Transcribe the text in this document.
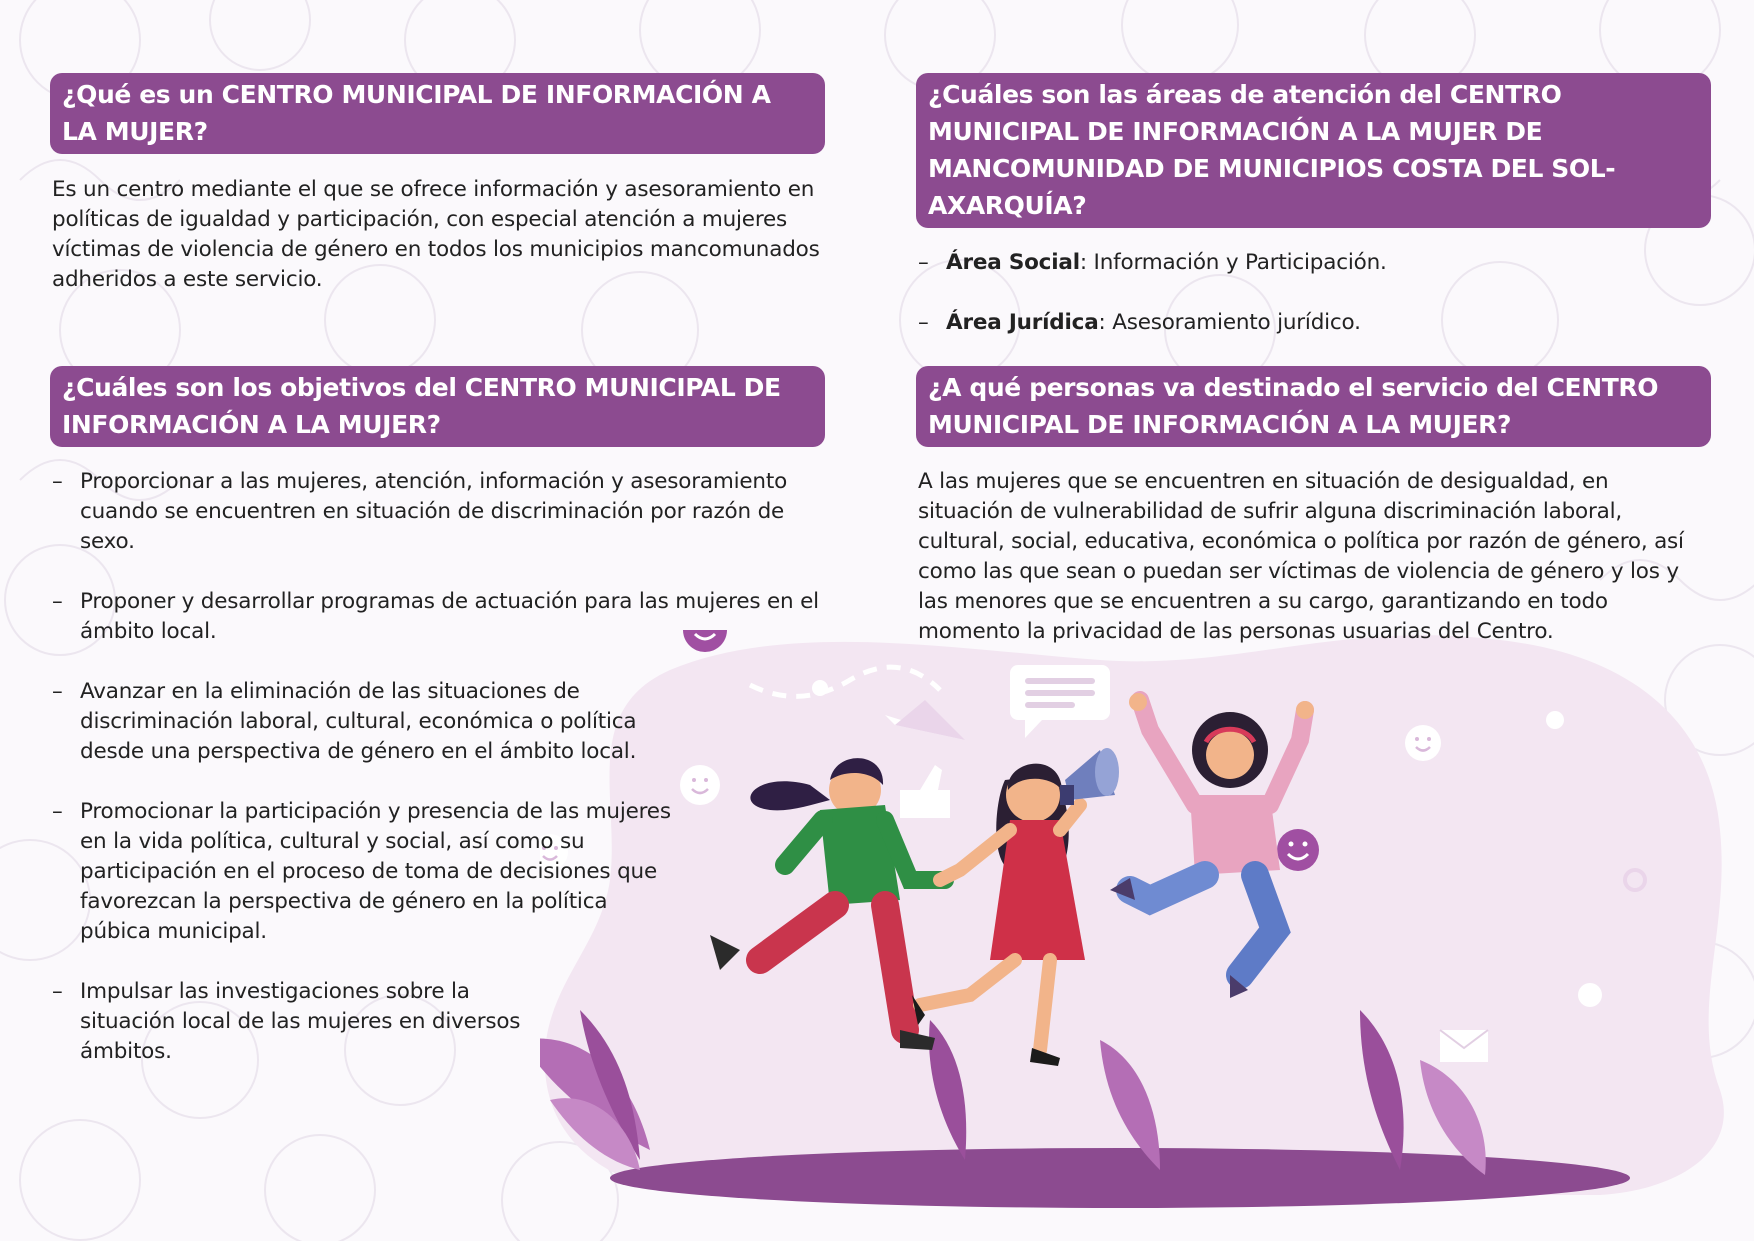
¿Qué es un CENTRO MUNICIPAL DE INFORMACIÓN A LA MUJER?

Es un centro mediante el que se ofrece información y asesoramiento en políticas de igualdad y participación, con especial atención a mujeres víctimas de violencia de género en todos los municipios mancomunados adheridos a este servicio.

¿Cuáles son las áreas de atención del CENTRO MUNICIPAL DE INFORMACIÓN A LA MUJER DE MANCOMUNIDAD DE MUNICIPIOS COSTA DEL SOL-AXARQUÍA?
– Área Social: Información y Participación.
– Área Jurídica: Asesoramiento jurídico.
¿Cuáles son los objetivos del CENTRO MUNICIPAL DE INFORMACIÓN A LA MUJER?
– Proporcionar a las mujeres, atención, información y asesoramiento cuando se encuentren en situación de discriminación por razón de sexo.
– Proponer y desarrollar programas de actuación para las mujeres en el ámbito local.
– Avanzar en la eliminación de las situaciones de discriminación laboral, cultural, económica o política desde una perspectiva de género en el ámbito local.
– Promocionar la participación y presencia de las mujeres en la vida política, cultural y social, así como su participación en el proceso de toma de decisiones que favorezcan la perspectiva de género en la política púbica municipal.
– Impulsar las investigaciones sobre la situación local de las mujeres en diversos ámbitos.
¿A qué personas va destinado el servicio del CENTRO MUNICIPAL DE INFORMACIÓN A LA MUJER?

A las mujeres que se encuentren en situación de desigualdad, en situación de vulnerabilidad de sufrir alguna discriminación laboral, cultural, social, educativa, económica o política por razón de género, así como las que sean o puedan ser víctimas de violencia de género y los y las menores que se encuentren a su cargo, garantizando en todo momento la privacidad de las personas usuarias del Centro.
